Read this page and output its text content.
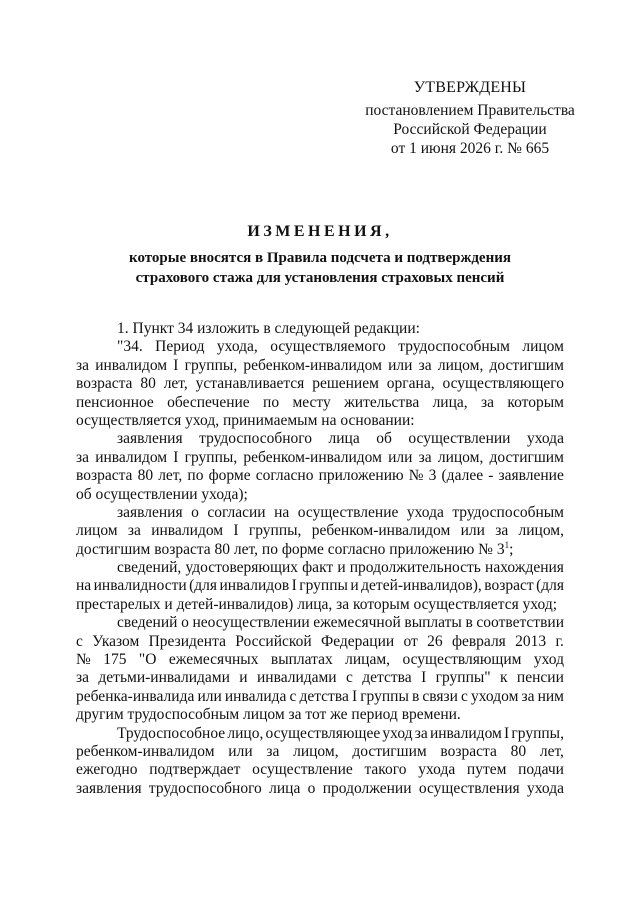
УТВЕРЖДЕНЫ
постановлением Правительства
Российской Федерации
от 1 июня 2026 г. № 665
ИЗМЕНЕНИЯ,
которые вносятся в Правила подсчета и подтверждения
страхового стажа для установления страховых пенсий
1. Пункт 34 изложить в следующей редакции:
"34. Период ухода, осуществляемого трудоспособным лицом
за инвалидом I группы, ребенком-инвалидом или за лицом, достигшим
возраста 80 лет, устанавливается решением органа, осуществляющего
пенсионное обеспечение по месту жительства лица, за которым
осуществляется уход, принимаемым на основании:
заявления трудоспособного лица об осуществлении ухода
за инвалидом I группы, ребенком-инвалидом или за лицом, достигшим
возраста 80 лет, по форме согласно приложению № 3 (далее - заявление
об осуществлении ухода);
заявления о согласии на осуществление ухода трудоспособным
лицом за инвалидом I группы, ребенком-инвалидом или за лицом,
достигшим возраста 80 лет, по форме согласно приложению № $3^1$;
сведений, удостоверяющих факт и продолжительность нахождения
на инвалидности (для инвалидов I группы и детей-инвалидов), возраст (для
престарелых и детей-инвалидов) лица, за которым осуществляется уход;
сведений о неосуществлении ежемесячной выплаты в соответствии
с Указом Президента Российской Федерации от 26 февраля 2013 г.
№ 175 "О ежемесячных выплатах лицам, осуществляющим уход
за детьми-инвалидами и инвалидами с детства I группы" к пенсии
ребенка-инвалида или инвалида с детства I группы в связи с уходом за ним
другим трудоспособным лицом за тот же период времени.
Трудоспособное лицо, осуществляющее уход за инвалидом I группы,
ребенком-инвалидом или за лицом, достигшим возраста 80 лет,
ежегодно подтверждает осуществление такого ухода путем подачи
заявления трудоспособного лица о продолжении осуществления ухода
